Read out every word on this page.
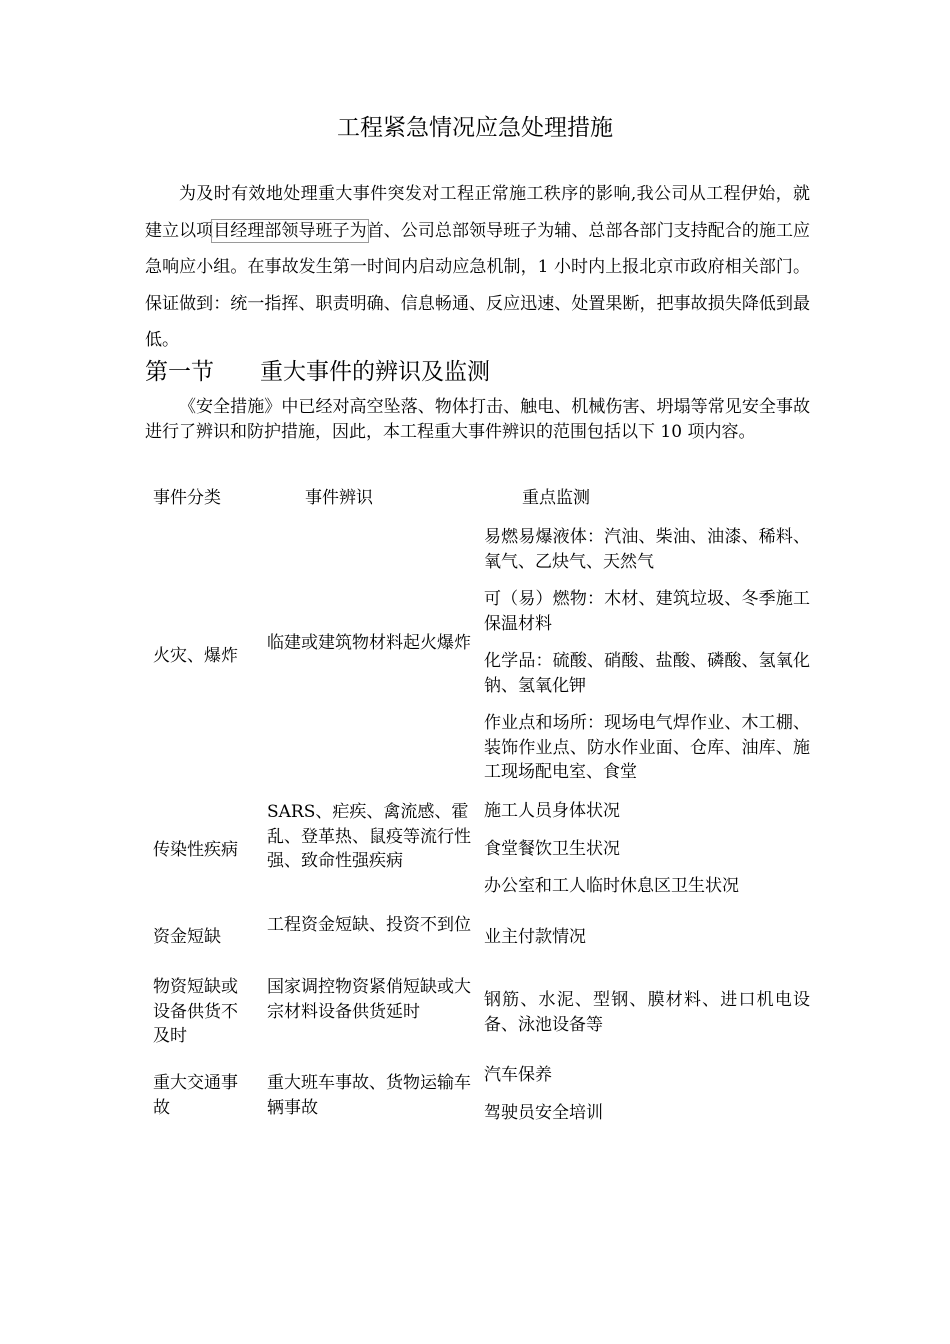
工程紧急情况应急处理措施

为及时有效地处理重大事件突发对工程正常施工秩序的影响,我公司从工程伊始，就建立以项目经理部领导班子为首、公司总部领导班子为辅、总部各部门支持配合的施工应急响应小组。在事故发生第一时间内启动应急机制，1 小时内上报北京市政府相关部门。保证做到：统一指挥、职责明确、信息畅通、反应迅速、处置果断，把事故损失降低到最低。

第一节 重大事件的辨识及监测

《安全措施》中已经对高空坠落、物体打击、触电、机械伤害、坍塌等常见安全事故进行了辨识和防护措施，因此，本工程重大事件辨识的范围包括以下 10 项内容。

事件分类	事件辨识	重点监测
火灾、爆炸
临建或建筑物材料起火爆炸
易燃易爆液体：汽油、柴油、油漆、稀料、氧气、乙炔气、天然气
可（易）燃物：木材、建筑垃圾、冬季施工保温材料
化学品：硫酸、硝酸、盐酸、磷酸、氢氧化钠、氢氧化钾
作业点和场所：现场电气焊作业、木工棚、装饰作业点、防水作业面、仓库、油库、施工现场配电室、食堂
传染性疾病
SARS、疟疾、禽流感、霍乱、登革热、鼠疫等流行性强、致命性强疾病
施工人员身体状况
食堂餐饮卫生状况
办公室和工人临时休息区卫生状况
资金短缺
工程资金短缺、投资不到位
业主付款情况
物资短缺或设备供货不及时
国家调控物资紧俏短缺或大宗材料设备供货延时
钢筋、水泥、型钢、膜材料、进口机电设备、泳池设备等
重大交通事故
重大班车事故、货物运输车辆事故
汽车保养
驾驶员安全培训
